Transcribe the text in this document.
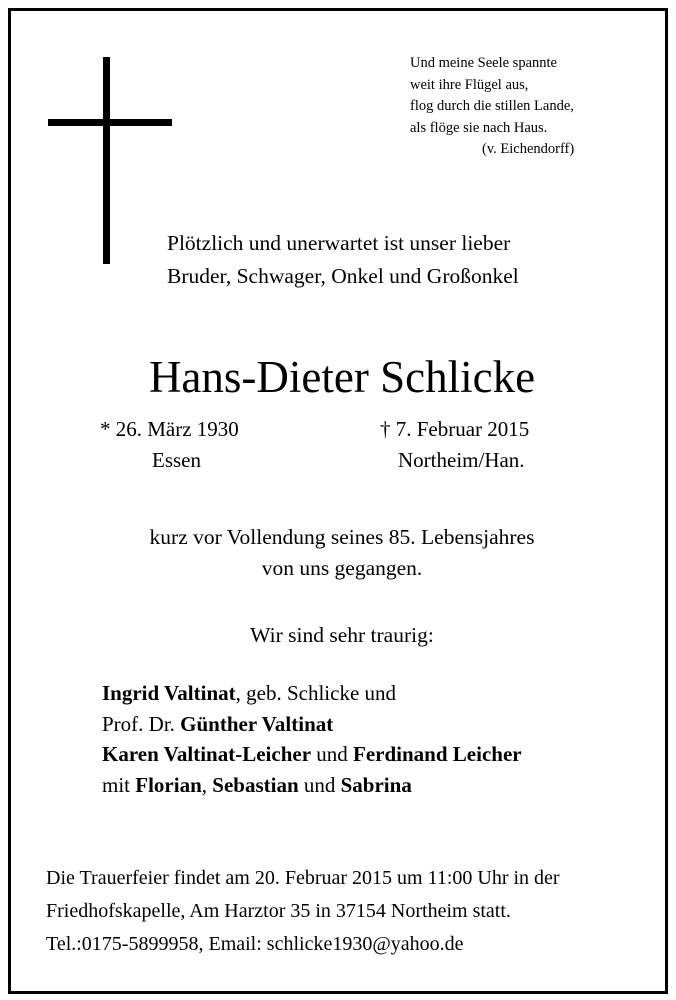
Und meine Seele spannte
weit ihre Flügel aus,
flog durch die stillen Lande,
als flöge sie nach Haus.
(v. Eichendorff)
Plötzlich und unerwartet ist unser lieber
Bruder, Schwager, Onkel und Großonkel
Hans-Dieter Schlicke
* 26. März 1930
Essen
† 7. Februar 2015
Northeim/Han.
kurz vor Vollendung seines 85. Lebensjahres
von uns gegangen.
Wir sind sehr traurig:
Ingrid Valtinat, geb. Schlicke und
Prof. Dr. Günther Valtinat
Karen Valtinat-Leicher und Ferdinand Leicher
mit Florian, Sebastian und Sabrina
Die Trauerfeier findet am 20. Februar 2015 um 11:00 Uhr in der
Friedhofskapelle, Am Harztor 35 in 37154 Northeim statt.
Tel.:0175-5899958, Email: schlicke1930@yahoo.de
